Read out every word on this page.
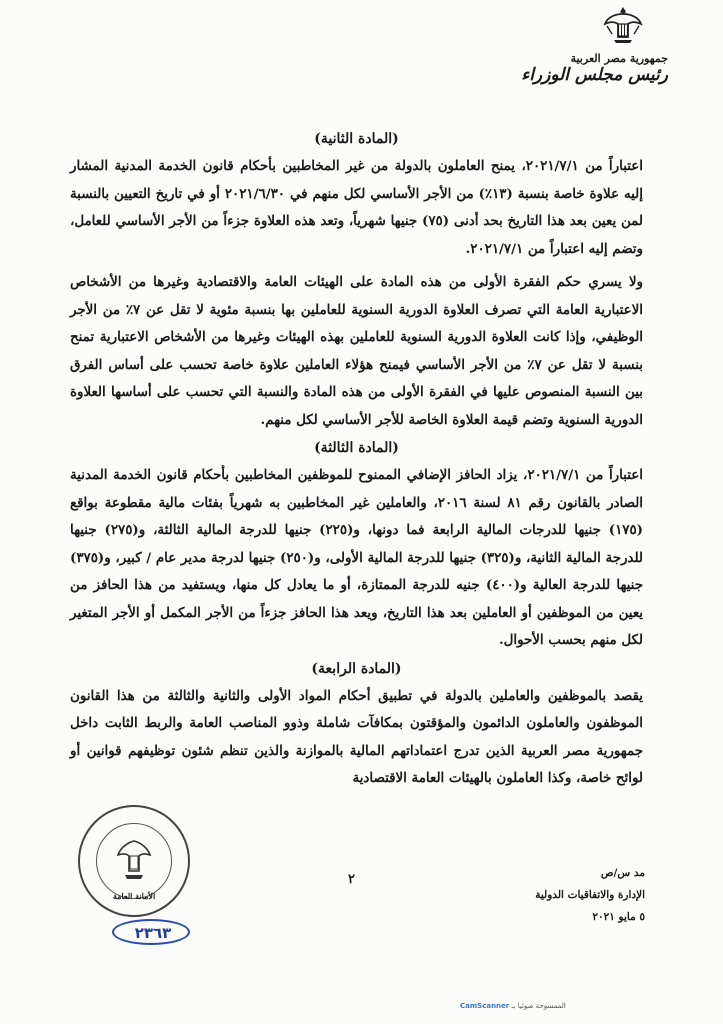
جمهورية مصر العربية
رئيس مجلس الوزراء

(المادة الثانية)

اعتباراً من ٢٠٢١/٧/١، يمنح العاملون بالدولة من غير المخاطبين بأحكام قانون الخدمة المدنية المشار إليه علاوة خاصة بنسبة (١٣٪) من الأجر الأساسي لكل منهم في ٢٠٢١/٦/٣٠ أو في تاريخ التعيين بالنسبة لمن يعين بعد هذا التاريخ بحد أدنى (٧٥) جنيها شهرياً، وتعد هذه العلاوة جزءاً من الأجر الأساسي للعامل، وتضم إليه اعتباراً من ٢٠٢١/٧/١.

ولا يسري حكم الفقرة الأولى من هذه المادة على الهيئات العامة والاقتصادية وغيرها من الأشخاص الاعتبارية العامة التي تصرف العلاوة الدورية السنوية للعاملين بها بنسبة مئوية لا تقل عن ٧٪ من الأجر الوظيفي، وإذا كانت العلاوة الدورية السنوية للعاملين بهذه الهيئات وغيرها من الأشخاص الاعتبارية تمنح بنسبة لا تقل عن ٧٪ من الأجر الأساسي فيمنح هؤلاء العاملين علاوة خاصة تحسب على أساس الفرق بين النسبة المنصوص عليها في الفقرة الأولى من هذه المادة والنسبة التي تحسب على أساسها العلاوة الدورية السنوية وتضم قيمة العلاوة الخاصة للأجر الأساسي لكل منهم.

(المادة الثالثة)

اعتباراً من ٢٠٢١/٧/١، يزاد الحافز الإضافي الممنوح للموظفين المخاطبين بأحكام قانون الخدمة المدنية الصادر بالقانون رقم ٨١ لسنة ٢٠١٦، والعاملين غير المخاطبين به شهرياً بفئات مالية مقطوعة بواقع (١٧٥) جنيها للدرجات المالية الرابعة فما دونها، و(٢٢٥) جنيها للدرجة المالية الثالثة، و(٢٧٥) جنيها للدرجة المالية الثانية، و(٣٢٥) جنيها للدرجة المالية الأولى، و(٢٥٠) جنيها لدرجة مدير عام / كبير، و(٣٧٥) جنيها للدرجة العالية و(٤٠٠) جنيه للدرجة الممتازة، أو ما يعادل كل منها، ويستفيد من هذا الحافز من يعين من الموظفين أو العاملين بعد هذا التاريخ، ويعد هذا الحافز جزءاً من الأجر المكمل أو الأجر المتغير لكل منهم بحسب الأحوال.

(المادة الرابعة)

يقصد بالموظفين والعاملين بالدولة في تطبيق أحكام المواد الأولى والثانية والثالثة من هذا القانون الموظفون والعاملون الدائمون والمؤقتون بمكافآت شاملة وذوو المناصب العامة والربط الثابت داخل جمهورية مصر العربية الذين تدرج اعتماداتهم المالية بالموازنة والذين تنظم شئون توظيفهم قوانين أو لوائح خاصة، وكذا العاملون بالهيئات العامة الاقتصادية

الأمانة العامة
٢٣٦٣
٢	مد س/ص
الإدارة والاتفاقيات الدولية
٥ مايو ٢٠٢١
الممسوحة ضوئيا بـ CamScanner
